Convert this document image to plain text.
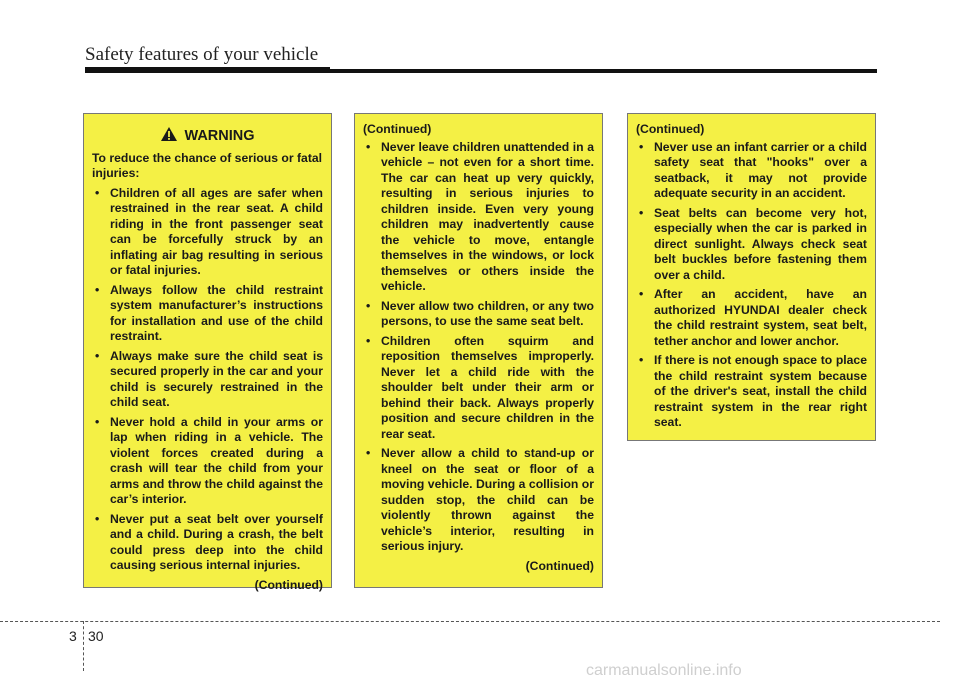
Safety features of your vehicle
WARNING
To reduce the chance of serious or fatal injuries:
• Children of all ages are safer when restrained in the rear seat. A child riding in the front passenger seat can be forcefully struck by an inflating air bag resulting in serious or fatal injuries.
• Always follow the child restraint system manufacturer’s instructions for installation and use of the child restraint.
• Always make sure the child seat is secured properly in the car and your child is securely restrained in the child seat.
• Never hold a child in your arms or lap when riding in a vehicle. The violent forces created during a crash will tear the child from your arms and throw the child against the car’s interior.
• Never put a seat belt over yourself and a child. During a crash, the belt could press deep into the child causing serious internal injuries.
(Continued)
(Continued)
• Never leave children unattended in a vehicle – not even for a short time. The car can heat up very quickly, resulting in serious injuries to children inside. Even very young children may inadvertently cause the vehicle to move, entangle themselves in the windows, or lock themselves or others inside the vehicle.
• Never allow two children, or any two persons, to use the same seat belt.
• Children often squirm and reposition themselves improperly. Never let a child ride with the shoulder belt under their arm or behind their back. Always properly position and secure children in the rear seat.
• Never allow a child to stand-up or kneel on the seat or floor of a moving vehicle. During a collision or sudden stop, the child can be violently thrown against the vehicle’s interior, resulting in serious injury.
(Continued)
(Continued)
• Never use an infant carrier or a child safety seat that "hooks" over a seatback, it may not provide adequate security in an accident.
• Seat belts can become very hot, especially when the car is parked in direct sunlight. Always check seat belt buckles before fastening them over a child.
• After an accident, have an authorized HYUNDAI dealer check the child restraint system, seat belt, tether anchor and lower anchor.
• If there is not enough space to place the child restraint system because of the driver's seat, install the child restraint system in the rear right seat.
3 30
carmanualsonline.info
